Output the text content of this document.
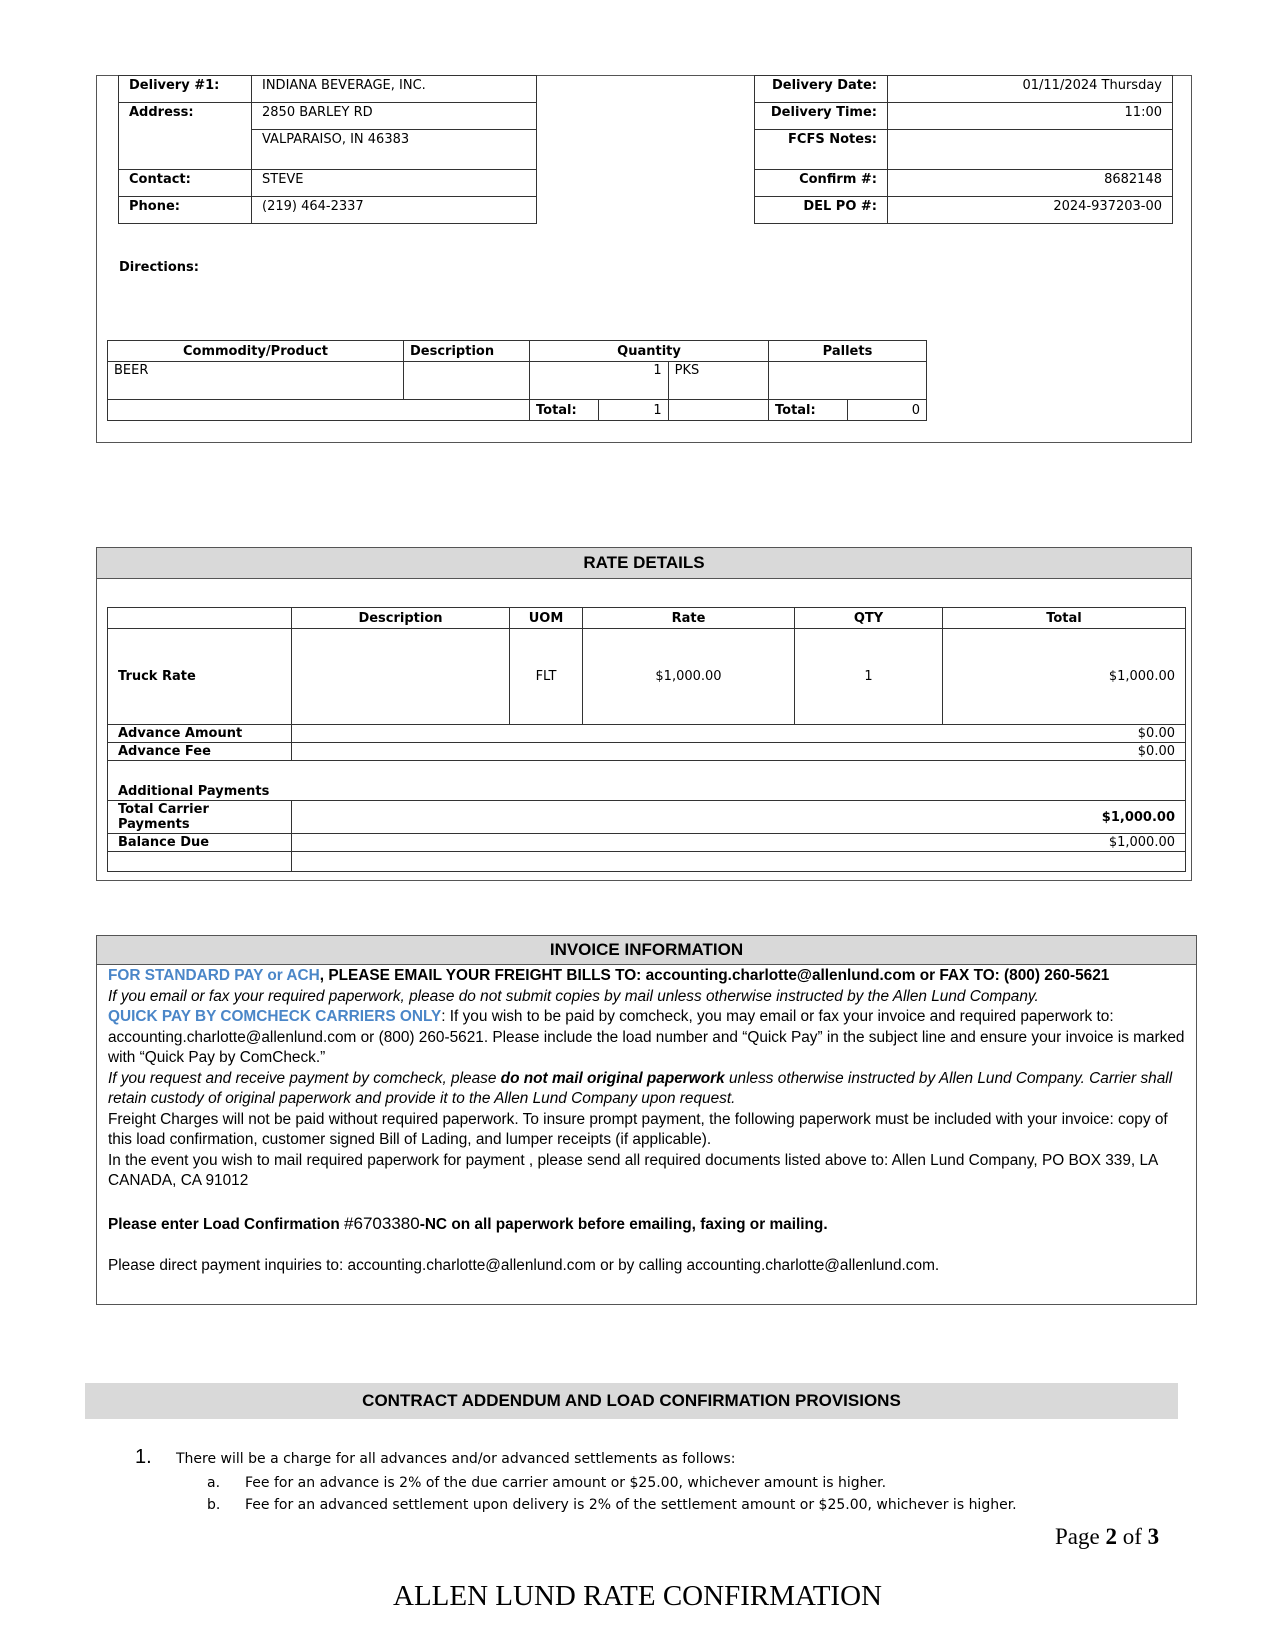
Delivery #1:	INDIANA BEVERAGE, INC.
Address:	2850 BARLEY RD
	VALPARAISO, IN 46383
Contact:	STEVE
Phone:	(219) 464-2337
Delivery Date:	01/11/2024 Thursday
Delivery Time:	11:00
FCFS Notes:	
Confirm #:	8682148
DEL PO #:	2024-937203-00
Directions:
Commodity/Product	Description	Quantity			Pallets	
BEER		1		PKS		
		Total:	1		Total:	0
RATE DETAILS
	Description	UOM	Rate	QTY	Total
Truck Rate		FLT	$1,000.00	1	$1,000.00
Advance Amount	$0.00				
Advance Fee	$0.00				
Additional Payments					
Total Carrier Payments	$1,000.00				
Balance Due	$1,000.00				

INVOICE INFORMATION

FOR STANDARD PAY or ACH, PLEASE EMAIL YOUR FREIGHT BILLS TO: accounting.charlotte@allenlund.com or FAX TO: (800) 260-5621

If you email or fax your required paperwork, please do not submit copies by mail unless otherwise instructed by the Allen Lund Company.

QUICK PAY BY COMCHECK CARRIERS ONLY: If you wish to be paid by comcheck, you may email or fax your invoice and required paperwork to: accounting.charlotte@allenlund.com or (800) 260-5621. Please include the load number and “Quick Pay” in the subject line and ensure your invoice is marked with “Quick Pay by ComCheck.”

If you request and receive payment by comcheck, please do not mail original paperwork unless otherwise instructed by Allen Lund Company. Carrier shall retain custody of original paperwork and provide it to the Allen Lund Company upon request.

Freight Charges will not be paid without required paperwork. To insure prompt payment, the following paperwork must be included with your invoice: copy of this load confirmation, customer signed Bill of Lading, and lumper receipts (if applicable).

In the event you wish to mail required paperwork for payment , please send all required documents listed above to: Allen Lund Company, PO BOX 339, LA CANADA, CA 91012

Please enter Load Confirmation #6703380-NC on all paperwork before emailing, faxing or mailing.

Please direct payment inquiries to: accounting.charlotte@allenlund.com or by calling accounting.charlotte@allenlund.com.

CONTRACT ADDENDUM AND LOAD CONFIRMATION PROVISIONS
1. There will be a charge for all advances and/or advanced settlements as follows:
a. Fee for an advance is 2% of the due carrier amount or $25.00, whichever amount is higher.
b. Fee for an advanced settlement upon delivery is 2% of the settlement amount or $25.00, whichever is higher.
Page 2 of 3
ALLEN LUND RATE CONFIRMATION
